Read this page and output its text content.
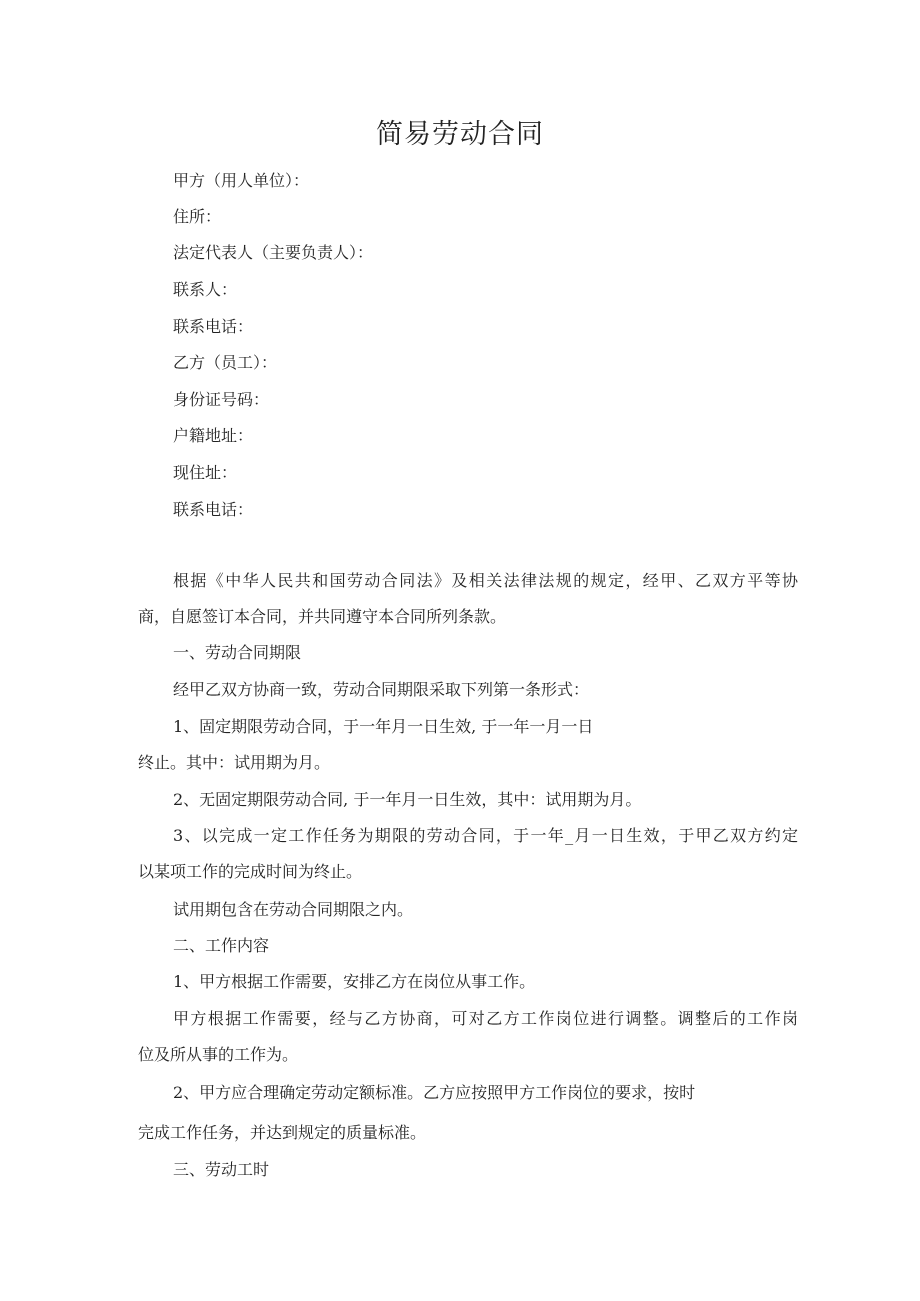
简易劳动合同
甲方（用人单位）：
住所：
法定代表人（主要负责人）：
联系人：
联系电话：
乙方（员工）：
身份证号码：
户籍地址：
现住址：
联系电话：
根据《中华人民共和国劳动合同法》及相关法律法规的规定，经甲、乙双方平等协
商，自愿签订本合同，并共同遵守本合同所列条款。
一、劳动合同期限
经甲乙双方协商一致，劳动合同期限采取下列第一条形式：
1、固定期限劳动合同，于一年月一日生效, 于一年一月一日
终止。其中：试用期为月。
2、无固定期限劳动合同, 于一年月一日生效，其中：试用期为月。
3、以完成一定工作任务为期限的劳动合同，于一年_月一日生效，于甲乙双方约定
以某项工作的完成时间为终止。
试用期包含在劳动合同期限之内。
二、工作内容
1、甲方根据工作需要，安排乙方在岗位从事工作。
甲方根据工作需要，经与乙方协商，可对乙方工作岗位进行调整。调整后的工作岗
位及所从事的工作为。
2、甲方应合理确定劳动定额标准。乙方应按照甲方工作岗位的要求，按时
完成工作任务，并达到规定的质量标准。
三、劳动工时
